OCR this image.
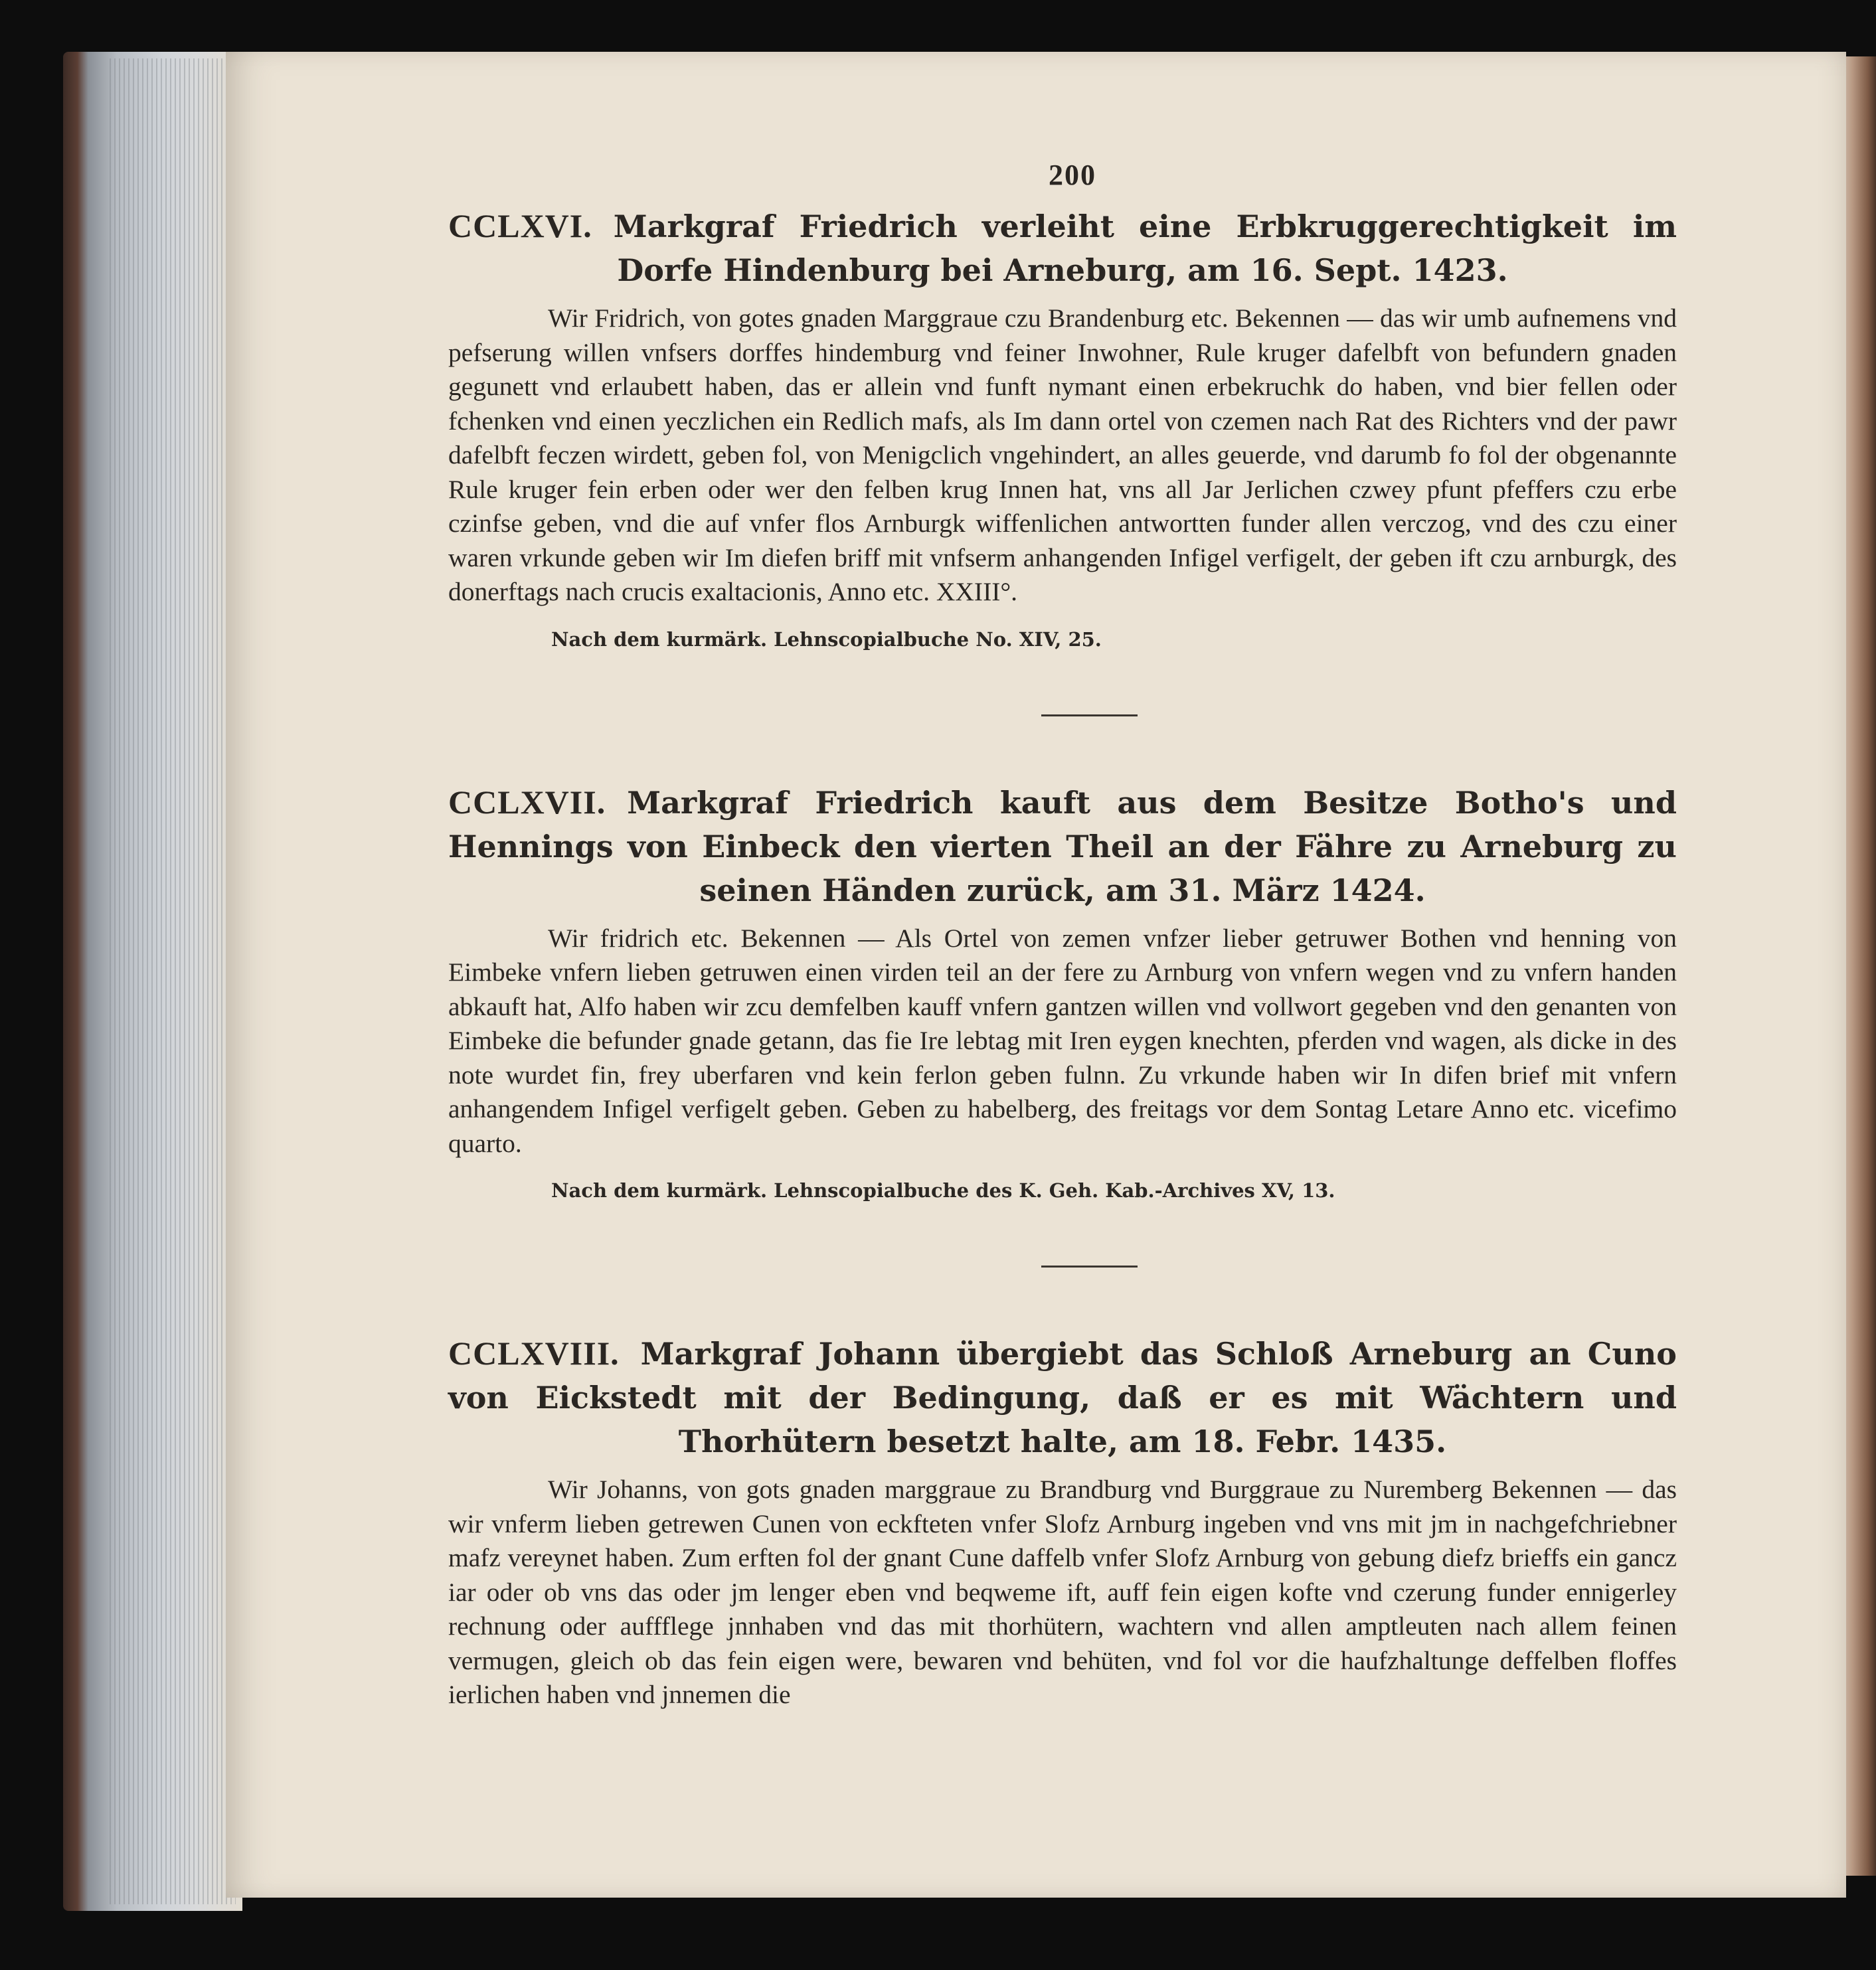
200
CCLXVI. Markgraf Friedrich verleiht eine Erbkruggerechtigkeit im Dorfe Hindenburg bei Arneburg, am 16. Sept. 1423.

Wir Fridrich, von gotes gnaden Marggraue czu Brandenburg etc. Bekennen — das wir umb aufnemens vnd pefserung willen vnfsers dorffes hindemburg vnd feiner Inwohner, Rule kruger dafelbft von befundern gnaden gegunett vnd erlaubett haben, das er allein vnd funft nymant einen erbekruchk do haben, vnd bier fellen oder fchenken vnd einen yeczlichen ein Redlich mafs, als Im dann ortel von czemen nach Rat des Richters vnd der pawr dafelbft feczen wirdett, geben fol, von Menigclich vngehindert, an alles geuerde, vnd darumb fo fol der obgenannte Rule kruger fein erben oder wer den felben krug Innen hat, vns all Jar Jerlichen czwey pfunt pfeffers czu erbe czinfse geben, vnd die auf vnfer flos Arnburgk wiffenlichen antwortten funder allen verczog, vnd des czu einer waren vrkunde geben wir Im diefen briff mit vnfserm anhangenden Infigel verfigelt, der geben ift czu arnburgk, des donerftags nach crucis exaltacionis, Anno etc. XXIII°.

Nach dem kurmärk. Lehnscopialbuche No. XIV, 25.
CCLXVII. Markgraf Friedrich kauft aus dem Besitze Botho's und Hennings von Einbeck den vierten Theil an der Fähre zu Arneburg zu seinen Händen zurück, am 31. März 1424.

Wir fridrich etc. Bekennen — Als Ortel von zemen vnfzer lieber getruwer Bothen vnd henning von Eimbeke vnfern lieben getruwen einen virden teil an der fere zu Arnburg von vnfern wegen vnd zu vnfern handen abkauft hat, Alfo haben wir zcu demfelben kauff vnfern gantzen willen vnd vollwort gegeben vnd den genanten von Eimbeke die befunder gnade getann, das fie Ire lebtag mit Iren eygen knechten, pferden vnd wagen, als dicke in des note wurdet fin, frey uberfaren vnd kein ferlon geben fulnn. Zu vrkunde haben wir In difen brief mit vnfern anhangendem Infigel verfigelt geben. Geben zu habelberg, des freitags vor dem Sontag Letare Anno etc. vicefimo quarto.

Nach dem kurmärk. Lehnscopialbuche des K. Geh. Kab.-Archives XV, 13.
CCLXVIII. Markgraf Johann übergiebt das Schloß Arneburg an Cuno von Eickstedt mit der Bedingung, daß er es mit Wächtern und Thorhütern besetzt halte, am 18. Febr. 1435.

Wir Johanns, von gots gnaden marggraue zu Brandburg vnd Burggraue zu Nuremberg Bekennen — das wir vnferm lieben getrewen Cunen von eckfteten vnfer Slofz Arnburg ingeben vnd vns mit jm in nachgefchriebner mafz vereynet haben. Zum erften fol der gnant Cune daffelb vnfer Slofz Arnburg von gebung diefz brieffs ein gancz iar oder ob vns das oder jm lenger eben vnd beqweme ift, auff fein eigen kofte vnd czerung funder ennigerley rechnung oder auffflege jnnhaben vnd das mit thorhütern, wachtern vnd allen amptleuten nach allem feinen vermugen, gleich ob das fein eigen were, bewaren vnd behüten, vnd fol vor die haufzhaltunge deffelben floffes ierlichen haben vnd jnnemen die
